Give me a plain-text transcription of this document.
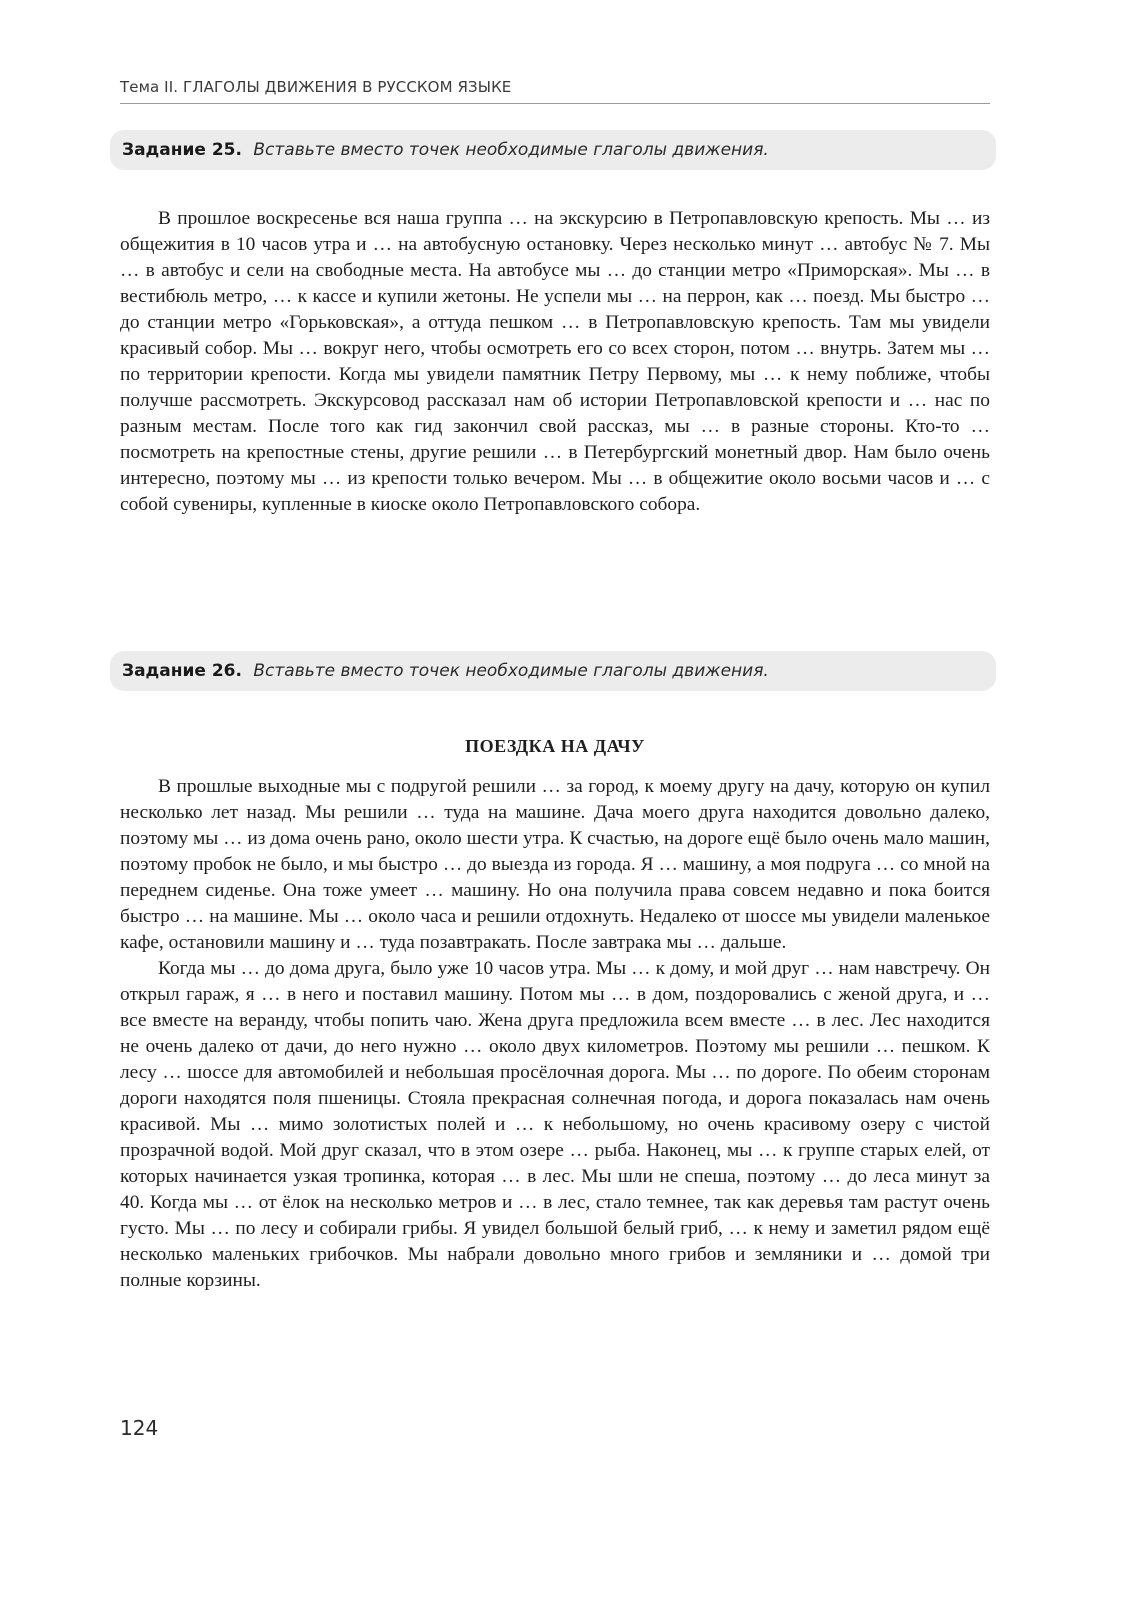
Тема II. ГЛАГОЛЫ ДВИЖЕНИЯ В РУССКОМ ЯЗЫКЕ
Задание 25. Вставьте вместо точек необходимые глаголы движения.

В прошлое воскресенье вся наша группа … на экскурсию в Петропавловскую крепость. Мы … из общежития в 10 часов утра и … на автобусную остановку. Через несколько минут … автобус № 7. Мы … в автобус и сели на свободные места. На автобусе мы … до станции метро «Приморская». Мы … в вестибюль метро, … к кассе и купили жетоны. Не успели мы … на перрон, как … поезд. Мы быстро … до станции метро «Горьковская», а оттуда пешком … в Петропавловскую крепость. Там мы увидели красивый собор. Мы … вокруг него, чтобы осмотреть его со всех сторон, потом … внутрь. Затем мы … по территории крепости. Когда мы увидели памятник Петру Первому, мы … к нему поближе, чтобы получше рассмотреть. Экскурсовод рассказал нам об истории Петропавловской крепости и … нас по разным местам. После того как гид закончил свой рассказ, мы … в разные стороны. Кто-то … посмотреть на крепостные стены, другие решили … в Петербургский монетный двор. Нам было очень интересно, поэтому мы … из крепости только вечером. Мы … в общежитие около восьми часов и … с собой сувениры, купленные в киоске около Петропавловского собора.

Задание 26. Вставьте вместо точек необходимые глаголы движения.
ПОЕЗДКА НА ДАЧУ

В прошлые выходные мы с подругой решили … за город, к моему другу на дачу, которую он купил несколько лет назад. Мы решили … туда на машине. Дача моего друга находится довольно далеко, поэтому мы … из дома очень рано, около шести утра. К счастью, на дороге ещё было очень мало машин, поэтому пробок не было, и мы быстро … до выезда из города. Я … машину, а моя подруга … со мной на переднем сиденье. Она тоже умеет … машину. Но она получила права совсем недавно и пока боится быстро … на машине. Мы … около часа и решили отдохнуть. Недалеко от шоссе мы увидели маленькое кафе, остановили машину и … туда позавтракать. После завтрака мы … дальше.

Когда мы … до дома друга, было уже 10 часов утра. Мы … к дому, и мой друг … нам навстречу. Он открыл гараж, я … в него и поставил машину. Потом мы … в дом, поздоровались с женой друга, и … все вместе на веранду, чтобы попить чаю. Жена друга предложила всем вместе … в лес. Лес находится не очень далеко от дачи, до него нужно … около двух километров. Поэтому мы решили … пешком. К лесу … шоссе для автомобилей и небольшая просёлочная дорога. Мы … по дороге. По обеим сторонам дороги находятся поля пшеницы. Стояла прекрасная солнечная погода, и дорога показалась нам очень красивой. Мы … мимо золотистых полей и … к небольшому, но очень красивому озеру с чистой прозрачной водой. Мой друг сказал, что в этом озере … рыба. Наконец, мы … к группе старых елей, от которых начинается узкая тропинка, которая … в лес. Мы шли не спеша, поэтому … до леса минут за 40. Когда мы … от ёлок на несколько метров и … в лес, стало темнее, так как деревья там растут очень густо. Мы … по лесу и собирали грибы. Я увидел большой белый гриб, … к нему и заметил рядом ещё несколько маленьких грибочков. Мы набрали довольно много грибов и земляники и … домой три полные корзины.

124
